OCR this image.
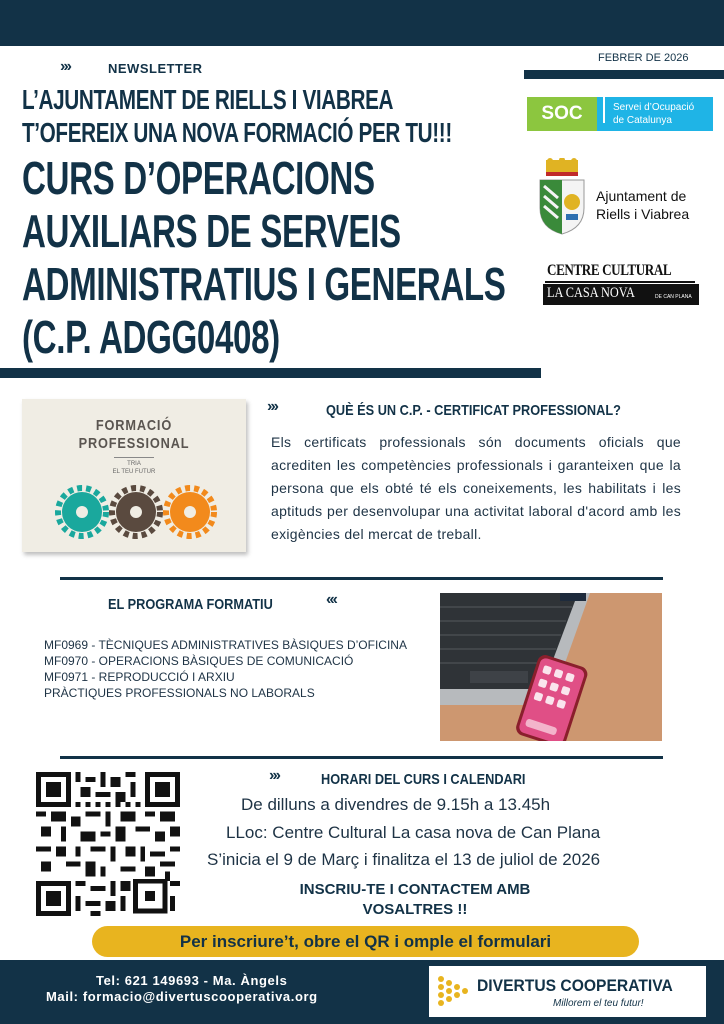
›››	NEWSLETTER
FEBRER DE 2026
L’AJUNTAMENT DE RIELLS I VIABREA
T’OFEREIX UNA NOVA FORMACIÓ PER TU!!!
CURS D’OPERACIONS
AUXILIARS DE SERVEIS
ADMINISTRATIUS I GENERALS
(C.P. ADGG0408)
SOC	Servei d’Ocupació
de Catalunya
Ajuntament de
Riells i Viabrea
CENTRE CULTURAL
LA CASA NOVA	DE CAN PLANA
FORMACIÓ
PROFESSIONAL
TRIA
EL TEU FUTUR
›››	QUÈ ÉS UN C.P. - CERTIFICAT PROFESSIONAL?
Els certificats professionals són documents oficials que acrediten les competències professionals i garanteixen que la persona que els obté té els coneixements, les habilitats i les aptituds per desenvolupar una activitat laboral d'acord amb les exigències del mercat de treball.
EL PROGRAMA FORMATIU	‹‹‹
MF0969 - TÈCNIQUES ADMINISTRATIVES BÀSIQUES D’OFICINA
MF0970 - OPERACIONS BÀSIQUES DE COMUNICACIÓ
MF0971 - REPRODUCCIÓ I ARXIU
PRÀCTIQUES PROFESSIONALS NO LABORALS
›››	HORARI DEL CURS I CALENDARI
De dilluns a divendres de 9.15h a 13.45h
LLoc: Centre Cultural La casa nova de Can Plana
S’inicia el 9 de Març i finalitza el 13 de juliol de 2026
INSCRIU-TE I CONTACTEM AMB
VOSALTRES !!
Per inscriure’t, obre el QR i omple el formulari
Tel: 621 149693 - Ma. Àngels
Mail: formacio@divertuscooperativa.org
DIVERTUS COOPERATIVA
Millorem el teu futur!
